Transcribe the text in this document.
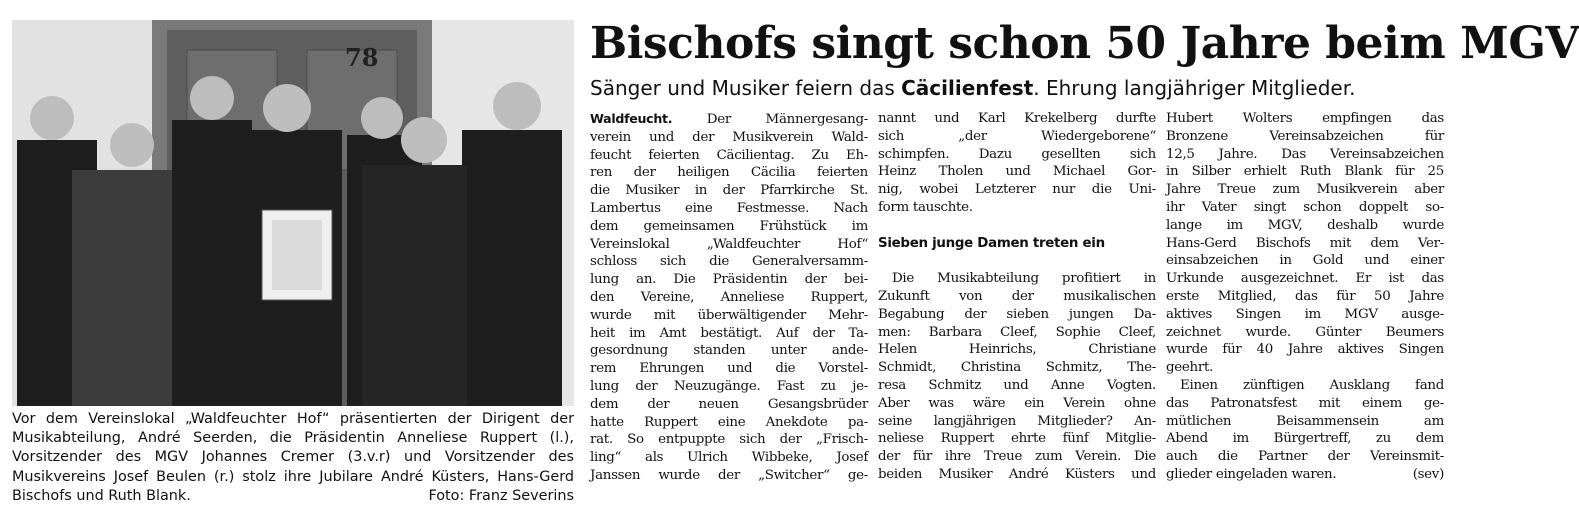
78
Vor dem Vereinslokal „Waldfeuchter Hof“ präsentierten der Dirigent der
Musikabteilung, André Seerden, die Präsidentin Anneliese Ruppert (l.),
Vorsitzender des MGV Johannes Cremer (3.v.r) und Vorsitzender des
Musikvereins Josef Beulen (r.) stolz ihre Jubilare André Küsters, Hans-Gerd
Bischofs und Ruth Blank.	Foto: Franz Severins
Bischofs singt schon 50 Jahre beim MGV

Sänger und Musiker feiern das Cäcilienfest. Ehrung langjähriger Mitglieder.

Waldfeucht. Der Männergesang-
verein und der Musikverein Wald-
feucht feierten Cäcilientag. Zu Eh-
ren der heiligen Cäcilia feierten
die Musiker in der Pfarrkirche St.
Lambertus eine Festmesse. Nach
dem gemeinsamen Frühstück im
Vereinslokal „Waldfeuchter Hof“
schloss sich die Generalversamm-
lung an. Die Präsidentin der bei-
den Vereine, Anneliese Ruppert,
wurde mit überwältigender Mehr-
heit im Amt bestätigt. Auf der Ta-
gesordnung standen unter ande-
rem Ehrungen und die Vorstel-
lung der Neuzugänge. Fast zu je-
dem der neuen Gesangsbrüder
hatte Ruppert eine Anekdote pa-
rat. So entpuppte sich der „Frisch-
ling“ als Ulrich Wibbeke, Josef
Janssen wurde der „Switcher“ ge-
nannt und Karl Krekelberg durfte
sich „der Wiedergeborene“
schimpfen. Dazu gesellten sich
Heinz Tholen und Michael Gor-
nig, wobei Letzterer nur die Uni-
form tauschte.
Sieben junge Damen treten ein
Die Musikabteilung profitiert in
Zukunft von der musikalischen
Begabung der sieben jungen Da-
men: Barbara Cleef, Sophie Cleef,
Helen Heinrichs, Christiane
Schmidt, Christina Schmitz, The-
resa Schmitz und Anne Vogten.
Aber was wäre ein Verein ohne
seine langjährigen Mitglieder? An-
neliese Ruppert ehrte fünf Mitglie-
der für ihre Treue zum Verein. Die
beiden Musiker André Küsters und
Hubert Wolters empfingen das
Bronzene Vereinsabzeichen für
12,5 Jahre. Das Vereinsabzeichen
in Silber erhielt Ruth Blank für 25
Jahre Treue zum Musikverein aber
ihr Vater singt schon doppelt so-
lange im MGV, deshalb wurde
Hans-Gerd Bischofs mit dem Ver-
einsabzeichen in Gold und einer
Urkunde ausgezeichnet. Er ist das
erste Mitglied, das für 50 Jahre
aktives Singen im MGV ausge-
zeichnet wurde. Günter Beumers
wurde für 40 Jahre aktives Singen
geehrt.
Einen zünftigen Ausklang fand
das Patronatsfest mit einem ge-
mütlichen Beisammensein am
Abend im Bürgertreff, zu dem
auch die Partner der Vereinsmit-
glieder eingeladen waren.	(sev)
